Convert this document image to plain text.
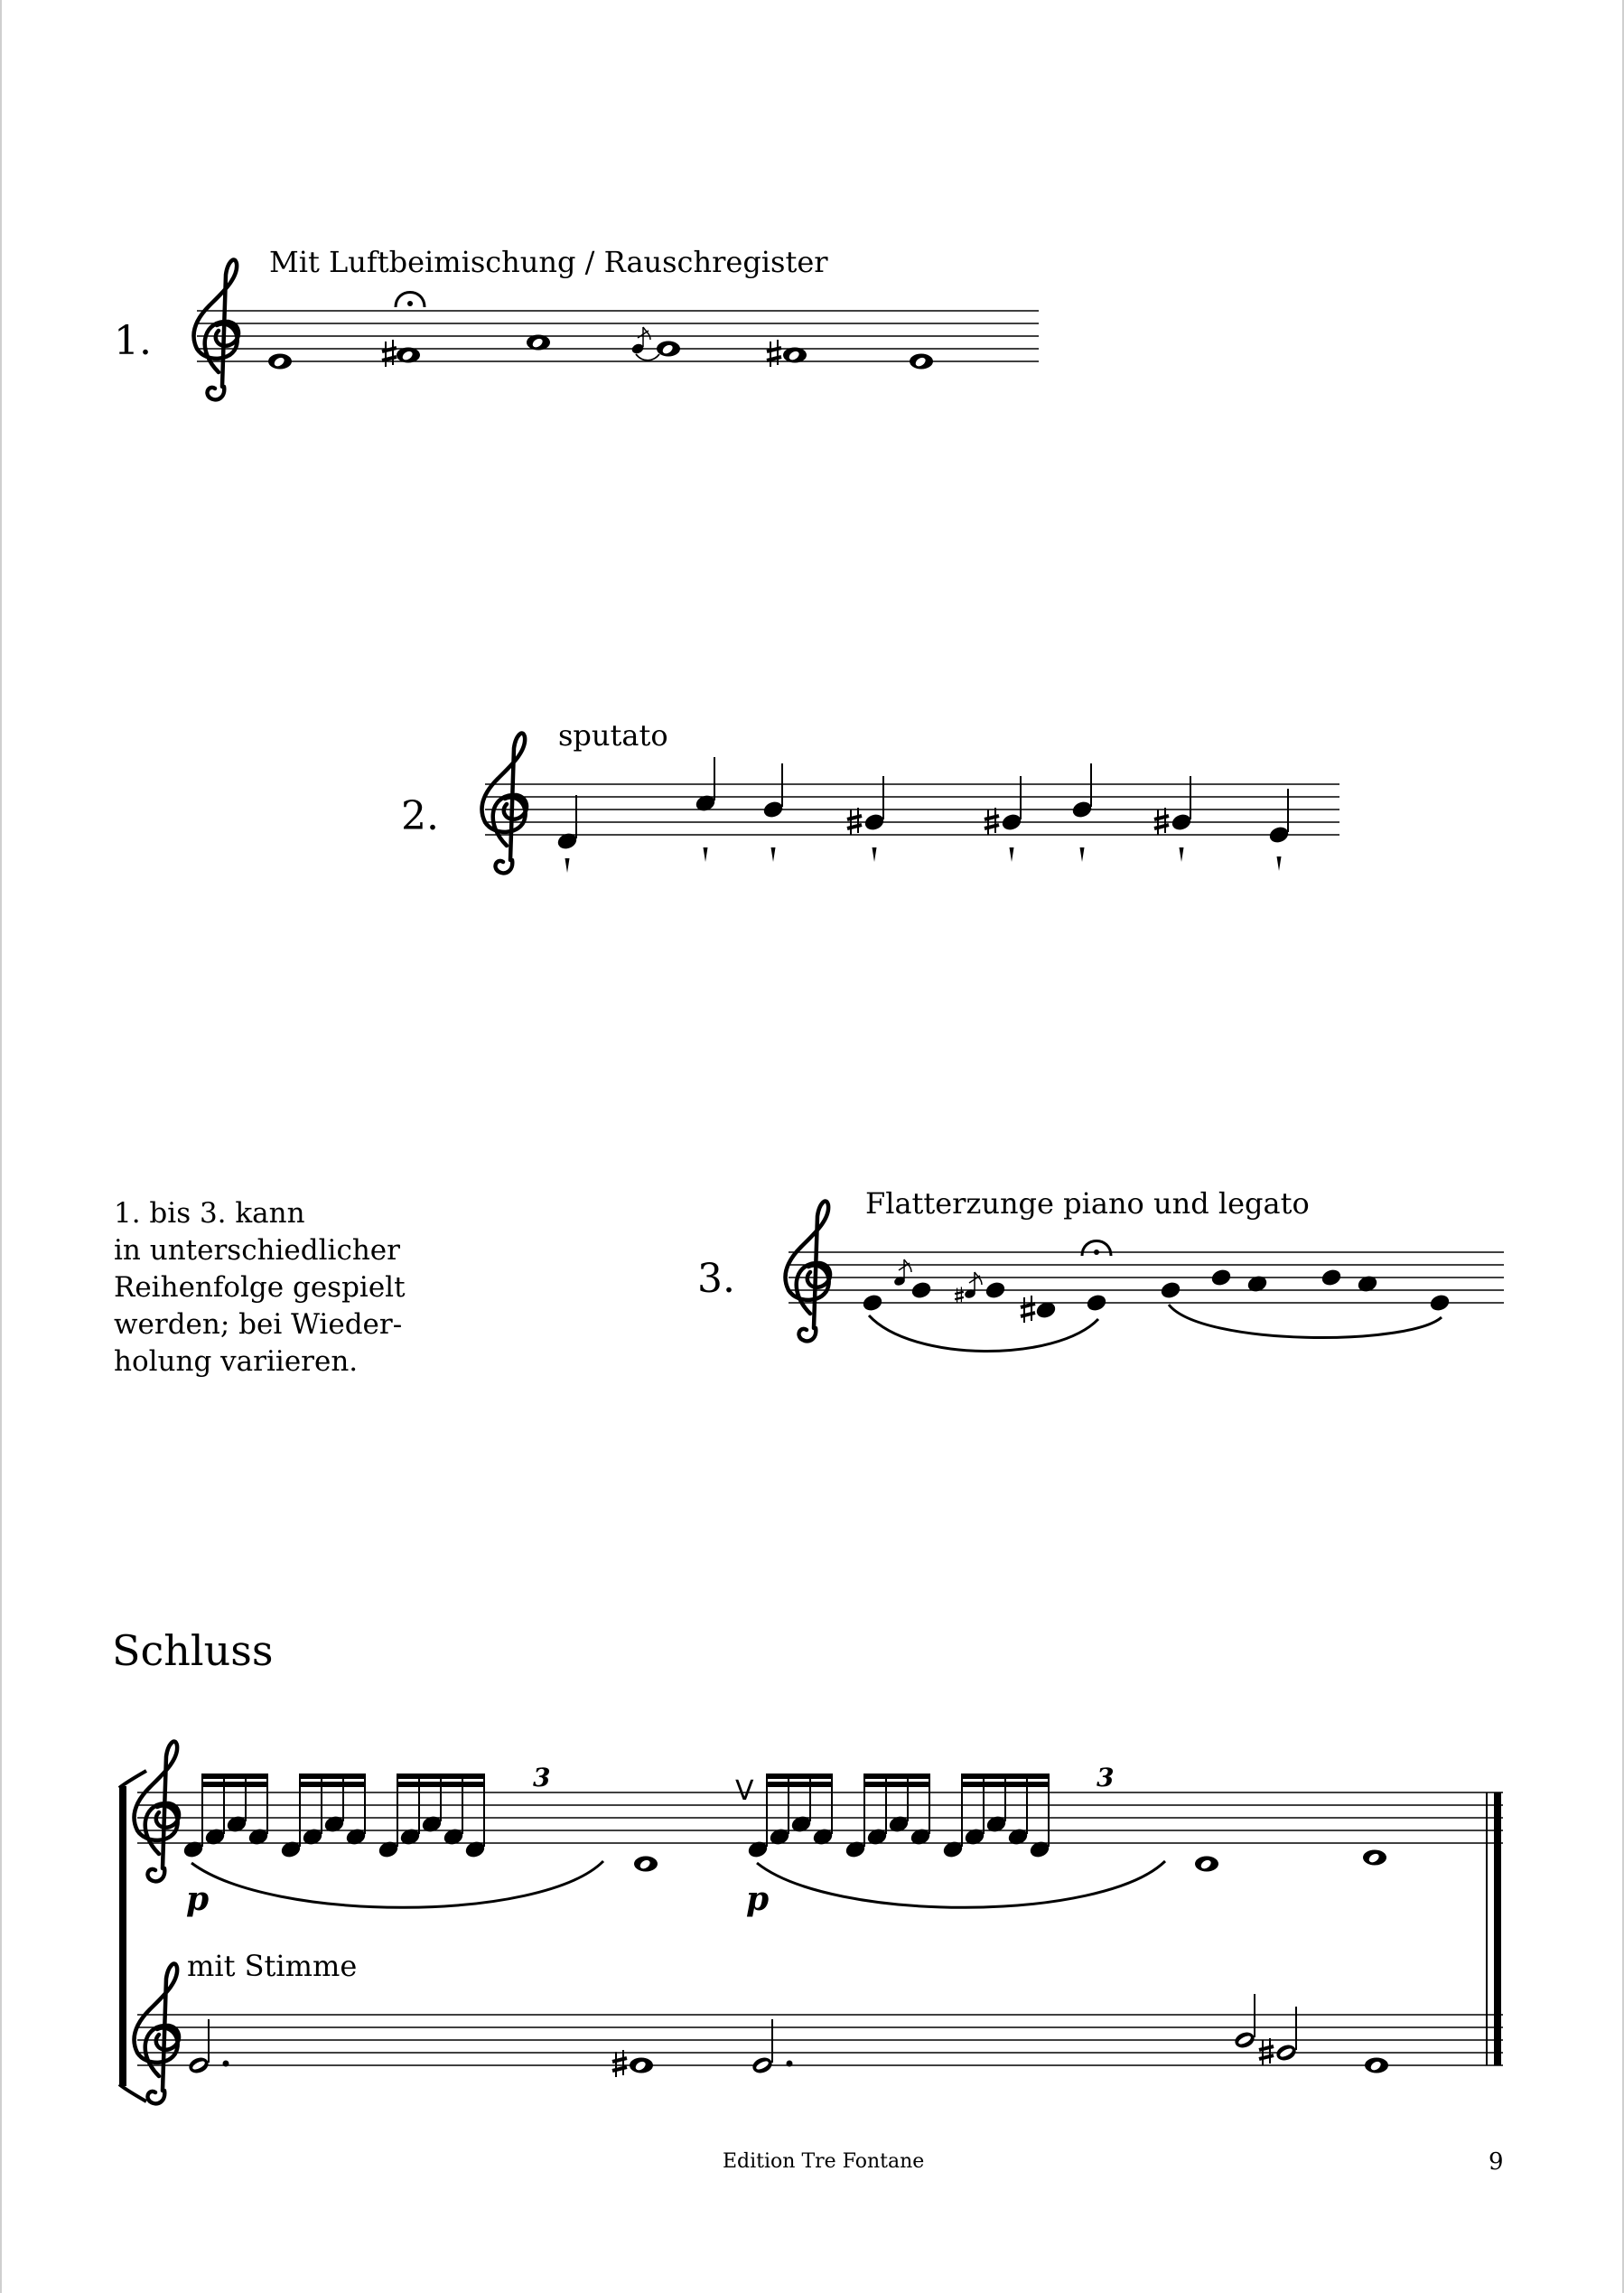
Mit Luftbeimischung / Rauschregister
1.
sputato
2.
1. bis 3. kann
in unterschiedlicher
Reihenfolge gespielt
werden; bei Wieder-
holung variieren.
Flatterzunge piano und legato
3.
Schluss
mit Stimme
Edition Tre Fontane	9
V
p	p
3	3
